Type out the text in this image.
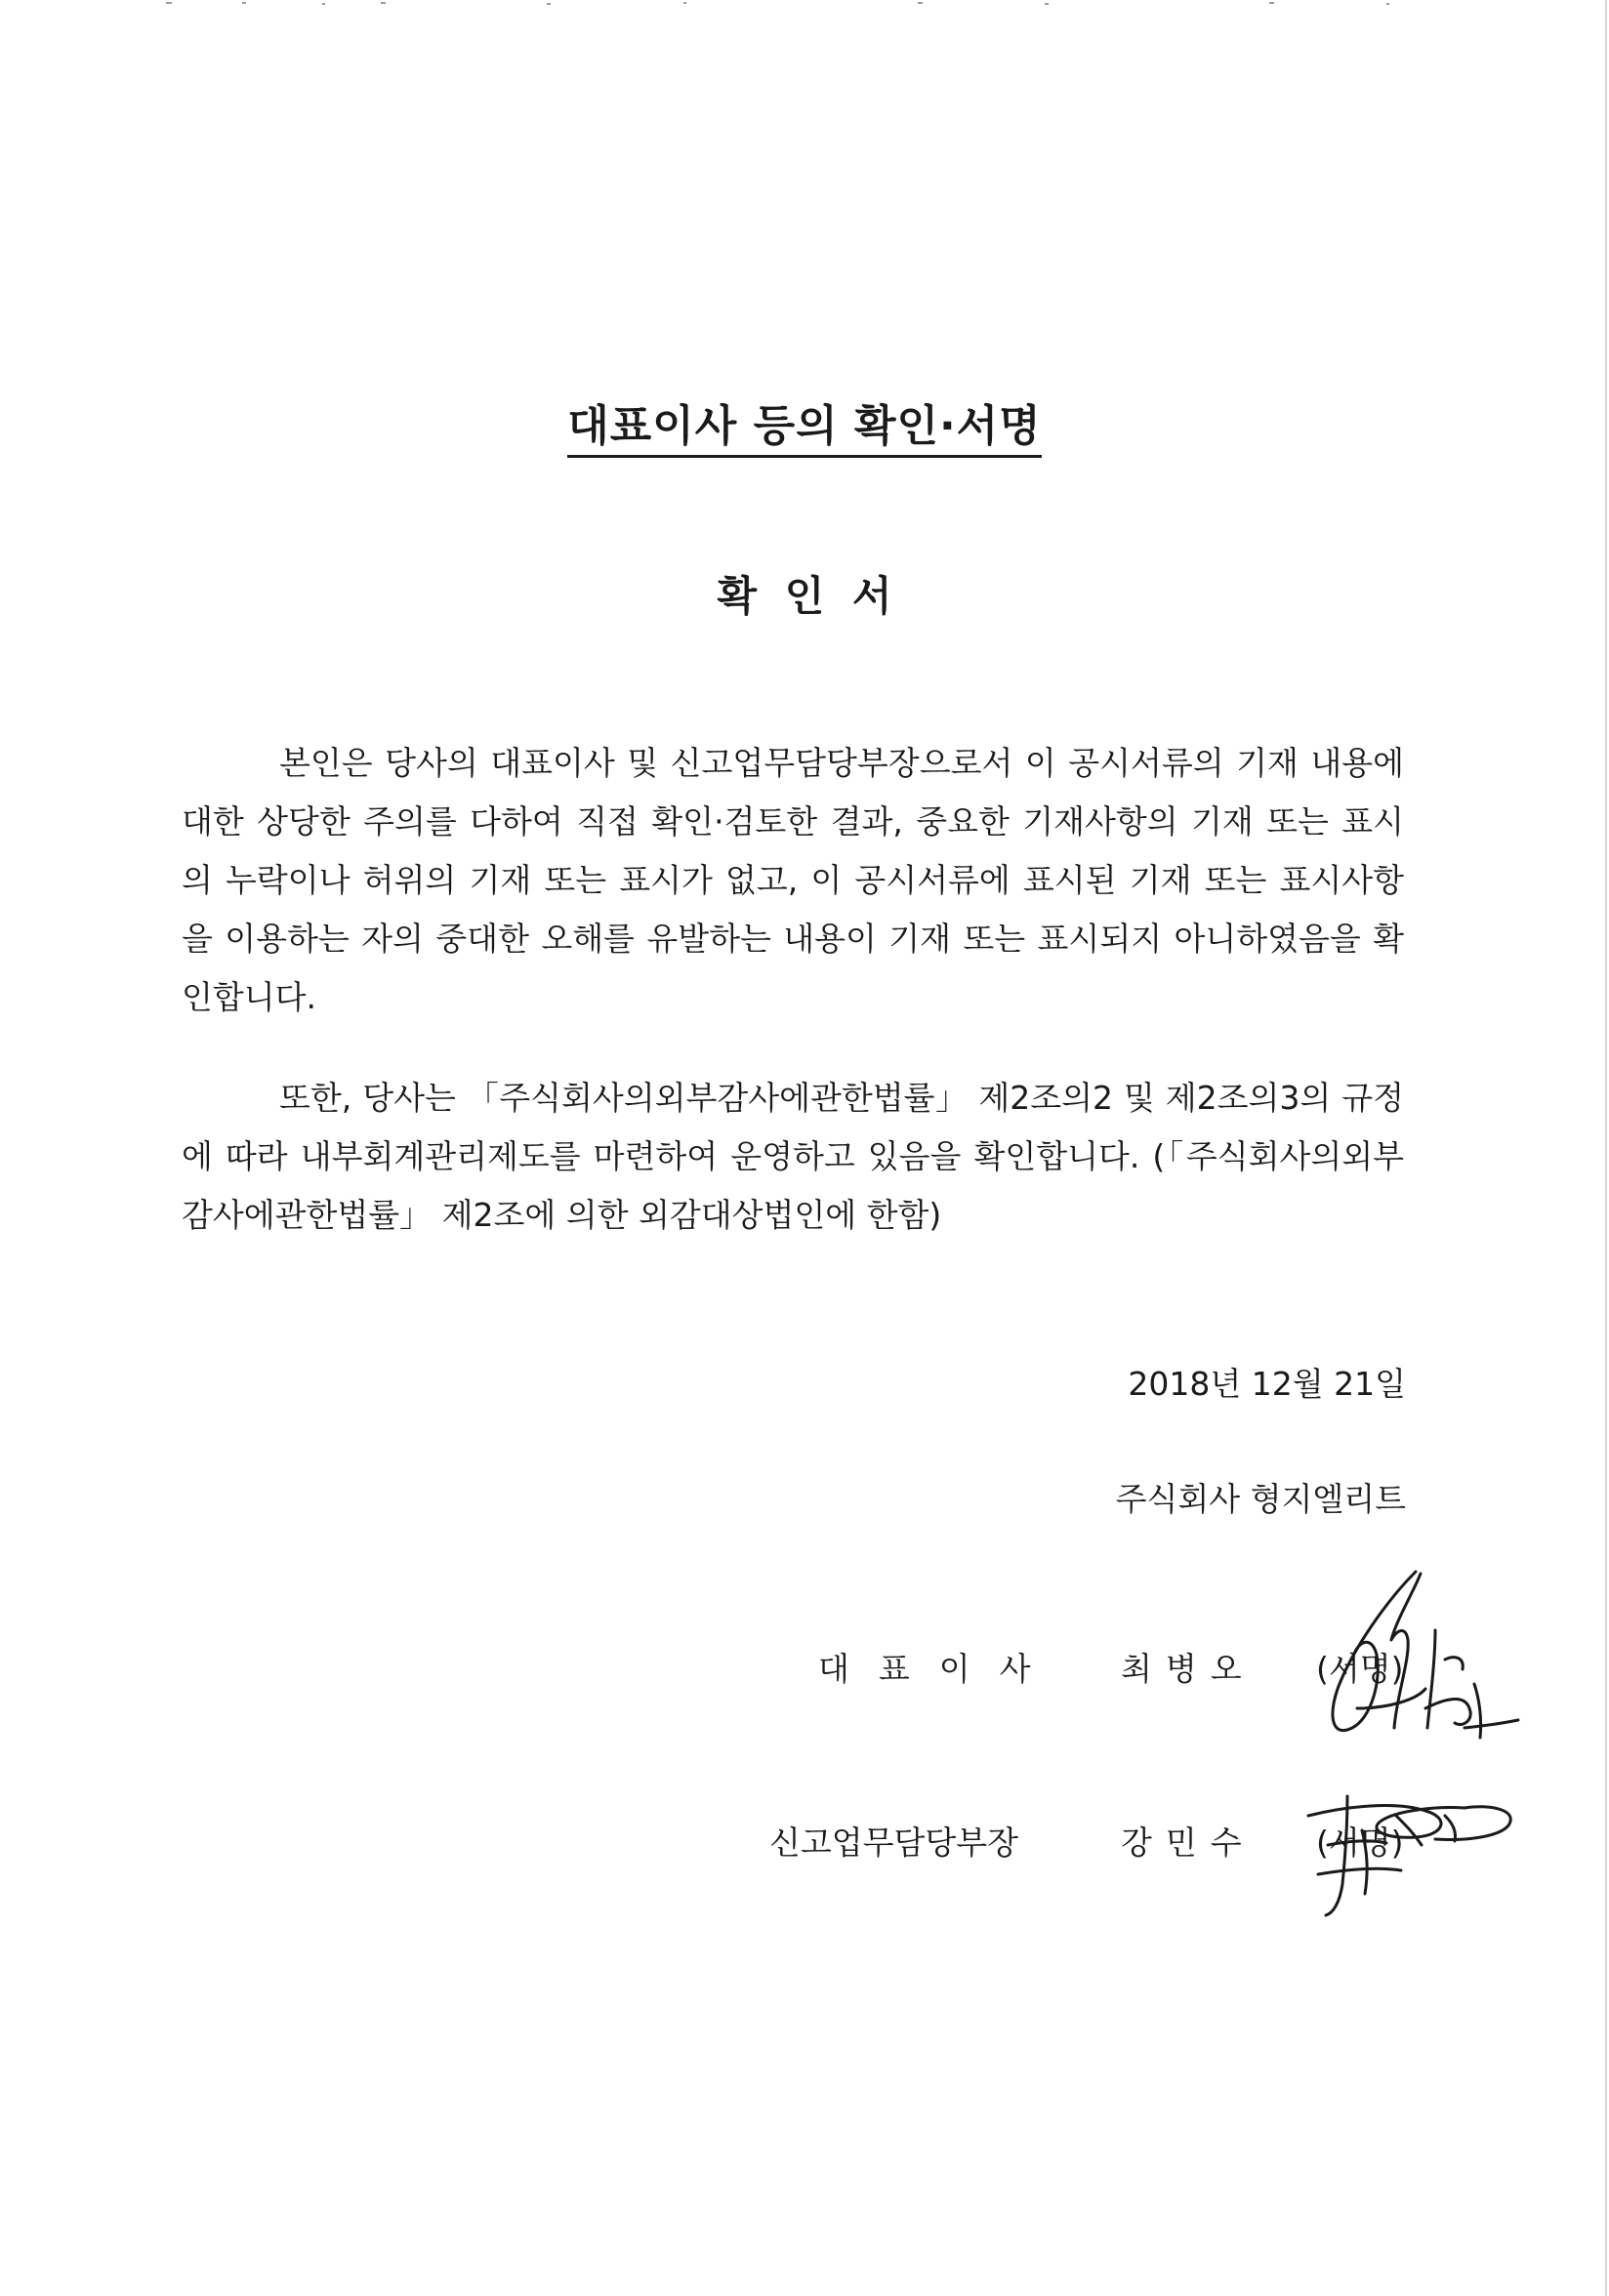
대표이사 등의 확인·서명
확 인 서
본인은 당사의 대표이사 및 신고업무담당부장으로서 이 공시서류의 기재 내용에 대한 상당한 주의를 다하여 직접 확인·검토한 결과, 중요한 기재사항의 기재 또는 표시의 누락이나 허위의 기재 또는 표시가 없고, 이 공시서류에 표시된 기재 또는 표시사항을 이용하는 자의 중대한 오해를 유발하는 내용이 기재 또는 표시되지 아니하였음을 확인합니다.
또한, 당사는 「주식회사의외부감사에관한법률」 제2조의2 및 제2조의3의 규정에 따라 내부회계관리제도를 마련하여 운영하고 있음을 확인합니다. (「주식회사의외부감사에관한법률」 제2조에 의한 외감대상법인에 한함)
2018년 12월 21일
주식회사 형지엘리트
대표이사 최병오 (서명)
신고업무담당부장	강민수 (서명)
